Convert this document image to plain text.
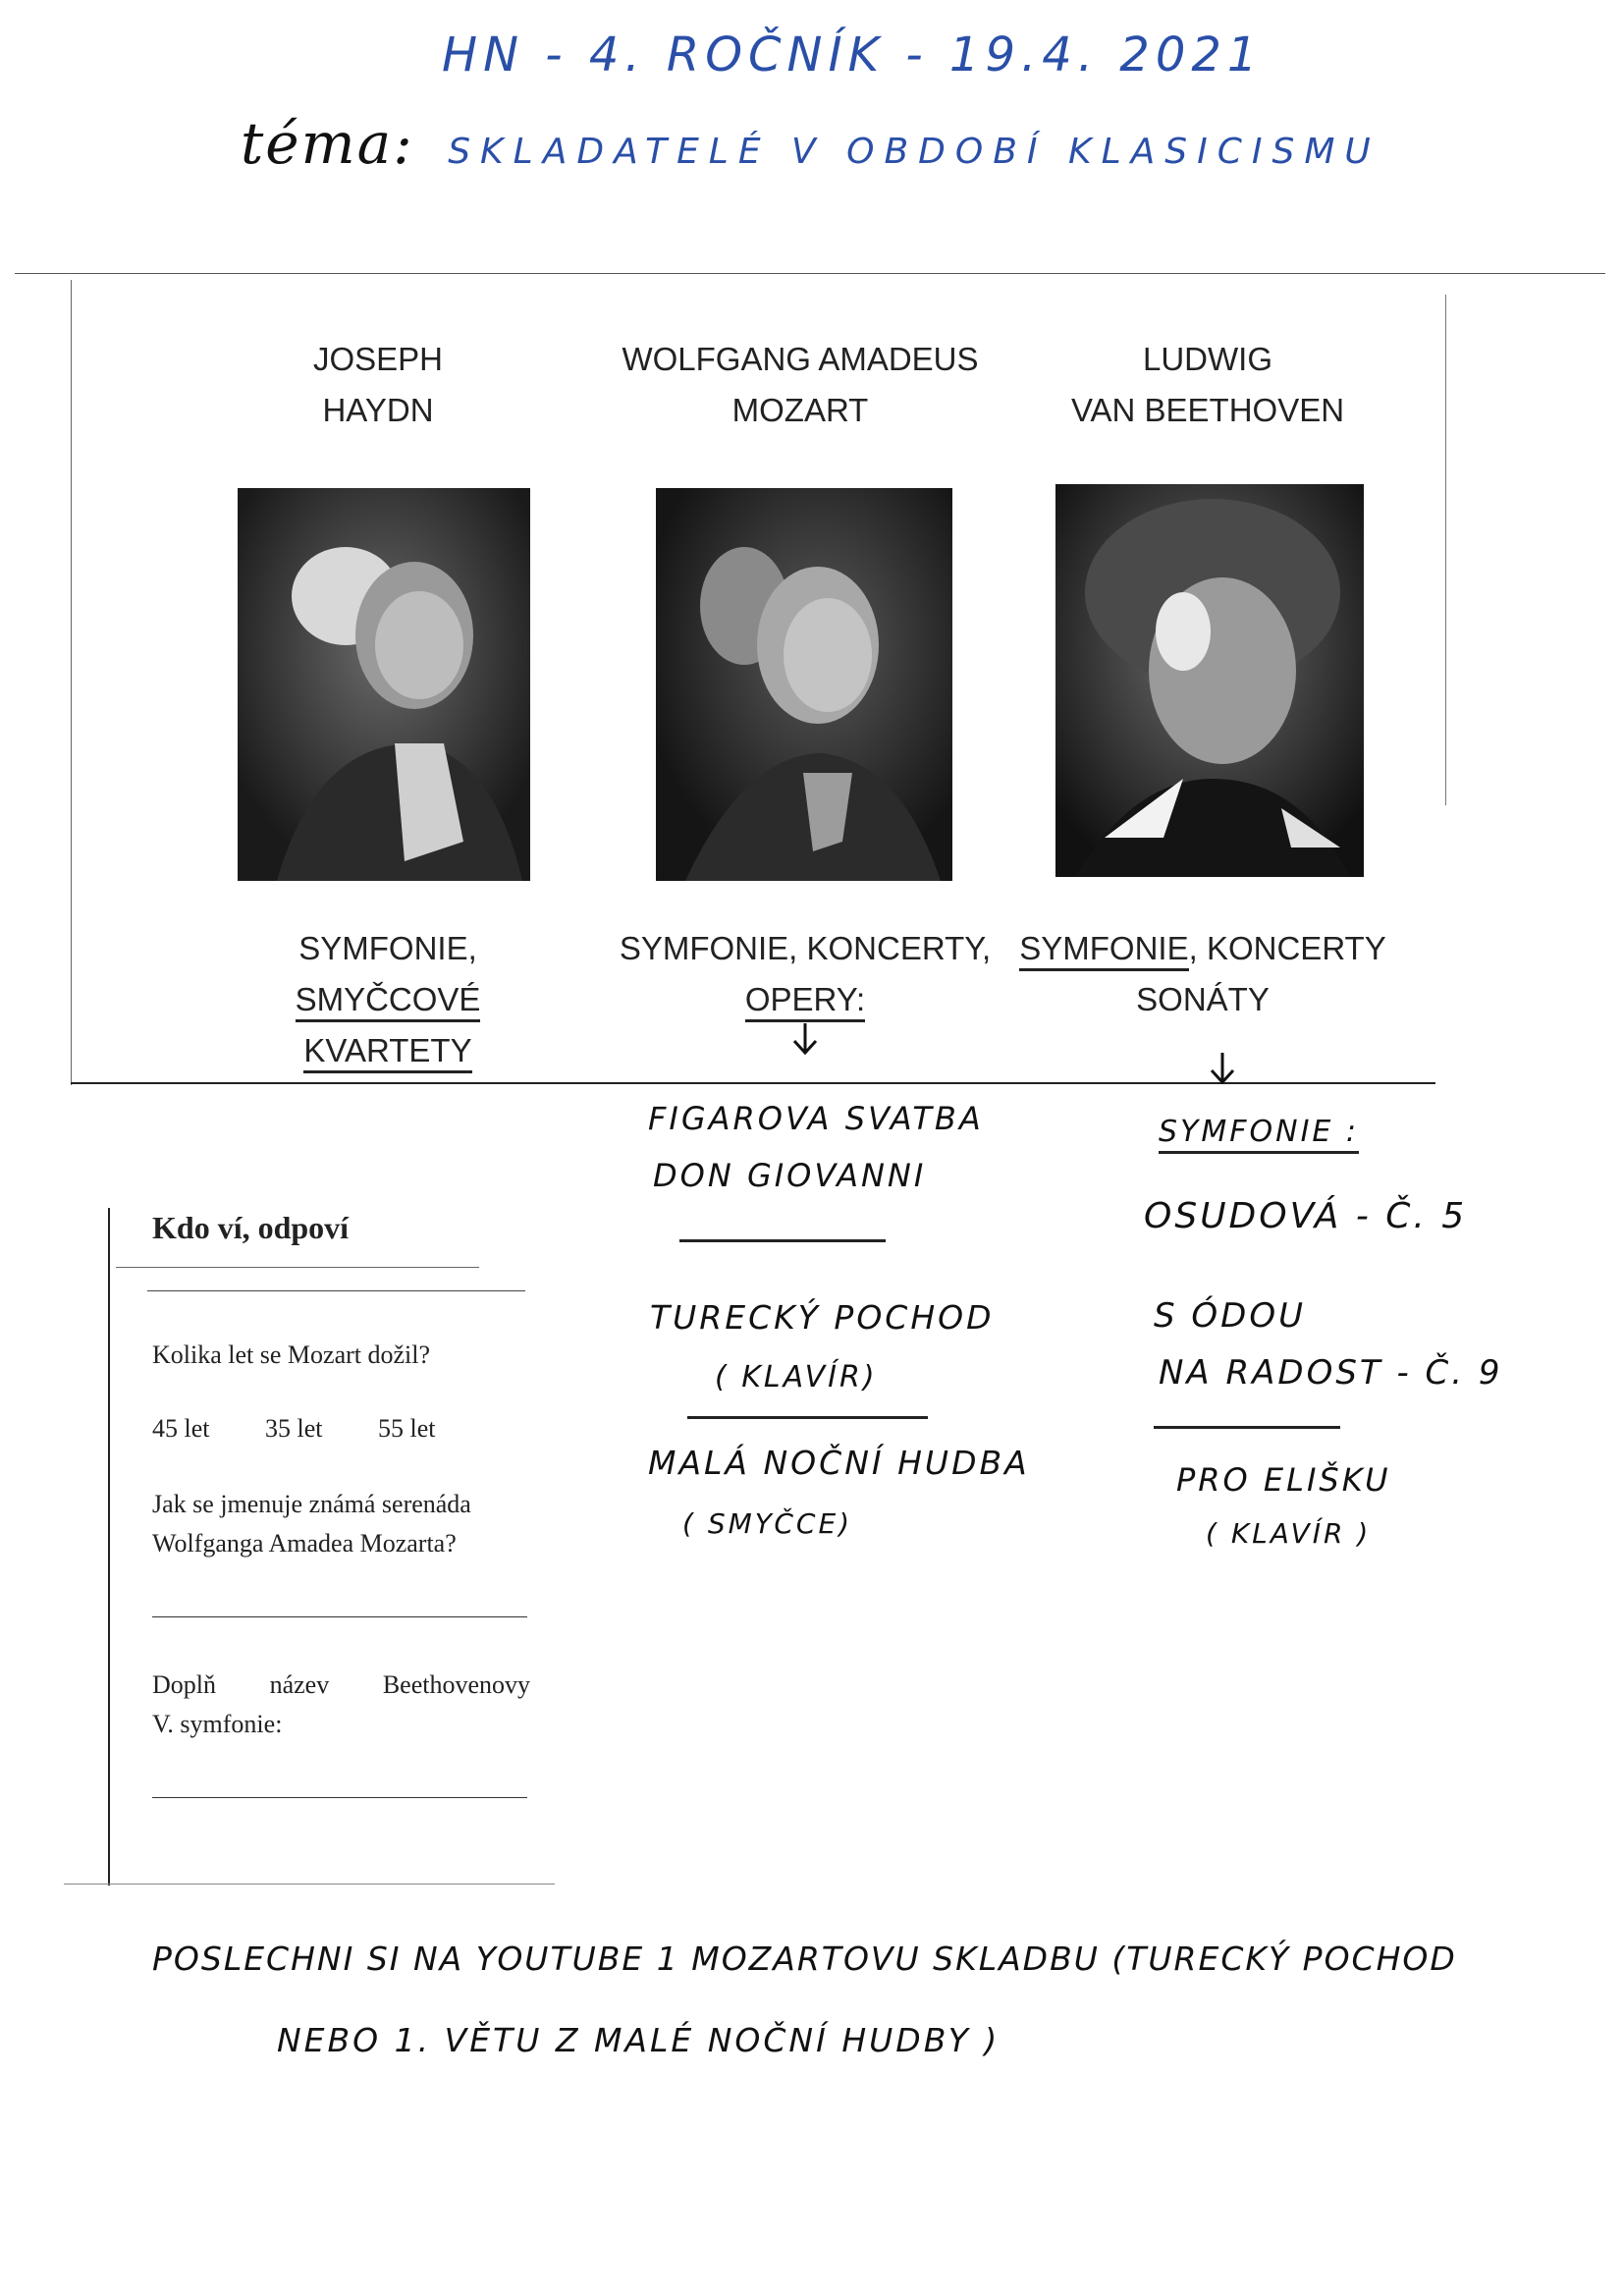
HN - 4. ROČNÍK - 19.4. 2021
téma: SKLADATELÉ V OBDOBÍ KLASICISMU
JOSEPH
HAYDN
WOLFGANG AMADEUS
MOZART
LUDWIG
VAN BEETHOVEN
SYMFONIE,
SMYČCOVÉ KVARTETY
SYMFONIE, KONCERTY,
OPERY:
SYMFONIE, KONCERTY
SONÁTY
FIGAROVA SVATBA
DON GIOVANNI
TURECKÝ POCHOD
( KLAVÍR)
MALÁ NOČNÍ HUDBA
( SMYČCE)
SYMFONIE :
OSUDOVÁ - Č. 5
S ÓDOU
NA RADOST - Č. 9
PRO ELIŠKU
( KLAVÍR )
Kdo ví, odpoví
Kolika let se Mozart dožil?
45 let 35 let 55 let
Jak se jmenuje známá serenáda
Wolfganga Amadea Mozarta?
Doplň název Beethovenovy
V. symfonie:
POSLECHNI SI NA YOUTUBE 1 MOZARTOVU SKLADBU (TURECKÝ POCHOD
NEBO 1. VĚTU Z MALÉ NOČNÍ HUDBY )
